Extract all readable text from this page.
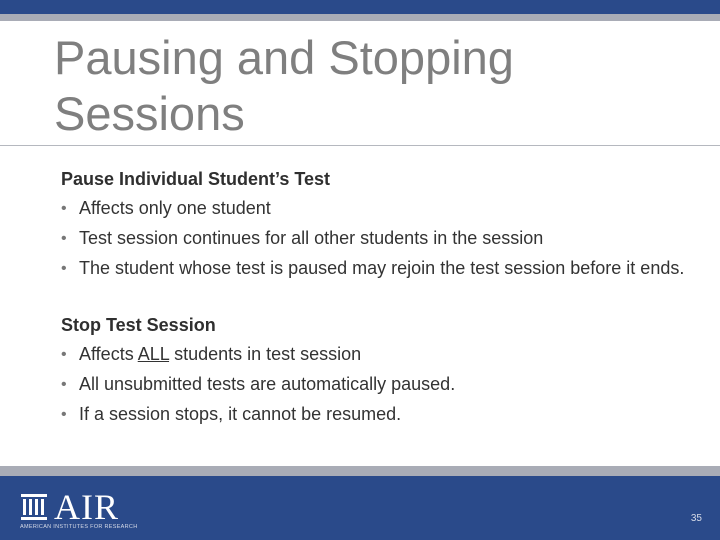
Pausing and Stopping Sessions
Pause Individual Student’s Test
• Affects only one student
• Test session continues for all other students in the session
• The student whose test is paused may rejoin the test session before it ends.
Stop Test Session
• Affects ALL students in test session
• All unsubmitted tests are automatically paused.
• If a session stops, it cannot be resumed.
AIR
AMERICAN INSTITUTES FOR RESEARCH
35
